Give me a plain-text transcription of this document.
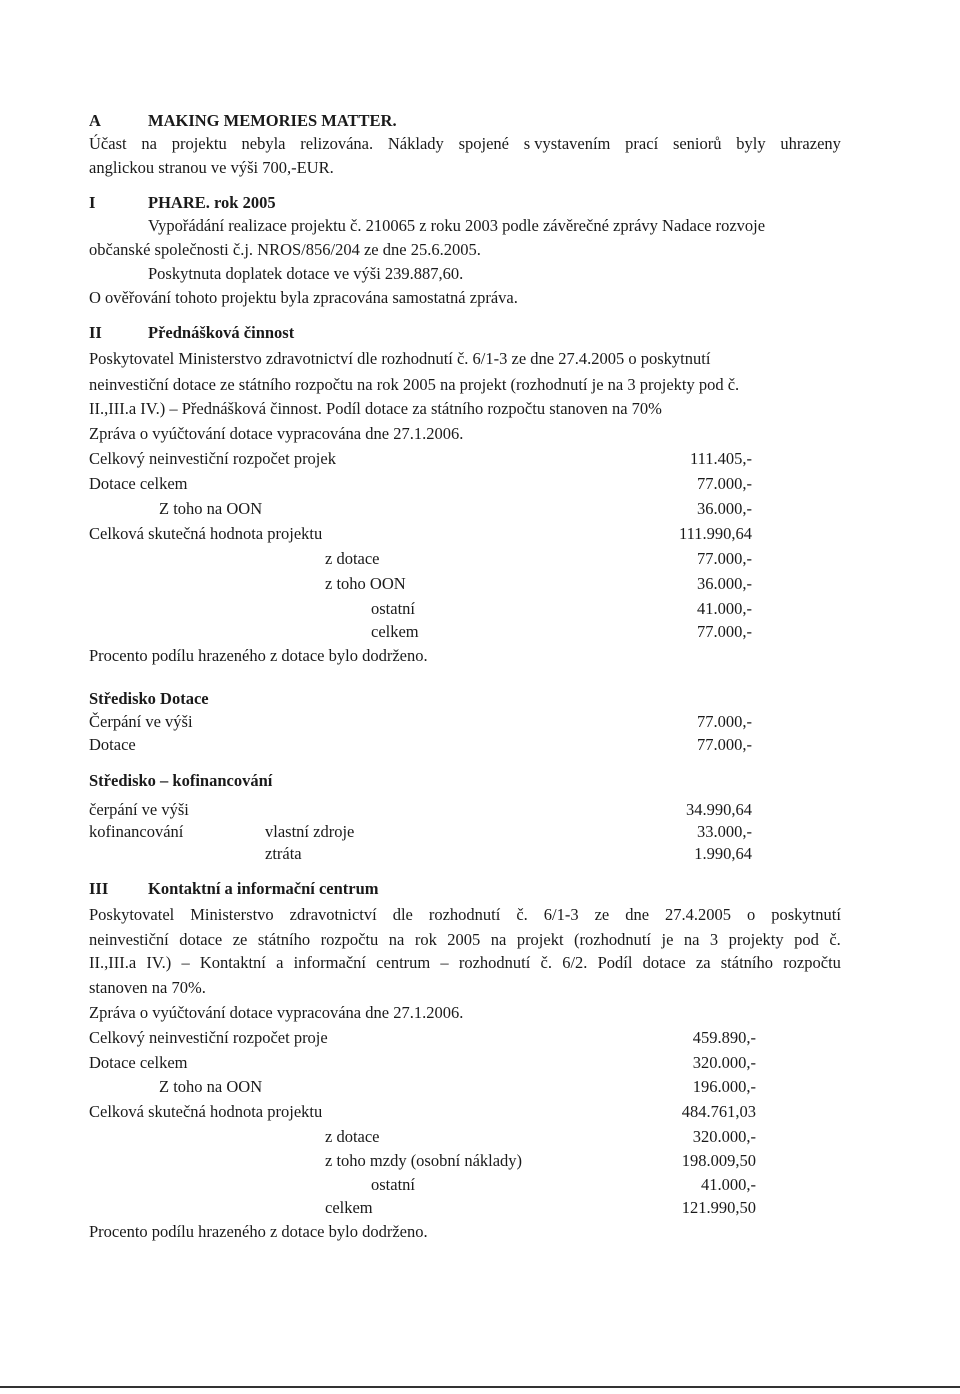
A	MAKING MEMORIES MATTER.
Účast na projektu nebyla relizována. Náklady spojené s vystavením prací seniorů byly uhrazeny
anglickou stranou ve výši 700,-EUR.
I	PHARE. rok 2005
Vypořádání realizace projektu č. 210065 z roku 2003 podle závěrečné zprávy Nadace rozvoje
občanské společnosti č.j. NROS/856/204 ze dne 25.6.2005.
Poskytnuta doplatek dotace ve výši 239.887,60.
O ověřování tohoto projektu byla zpracována samostatná zpráva.
II	Přednášková činnost
Poskytovatel Ministerstvo zdravotnictví dle rozhodnutí č. 6/1-3 ze dne 27.4.2005 o poskytnutí
neinvestiční dotace ze státního rozpočtu na rok 2005 na projekt (rozhodnutí je na 3 projekty pod č.
II.,III.a IV.) – Přednášková činnost. Podíl dotace za státního rozpočtu stanoven na 70%
Zpráva o vyúčtování dotace vypracována dne 27.1.2006.
Celkový neinvestiční rozpočet projek	111.405,-
Dotace celkem	77.000,-
Z toho na OON	36.000,-
Celková skutečná hodnota projektu	111.990,64
z dotace	77.000,-
z toho OON	36.000,-
ostatní	41.000,-
celkem	77.000,-
Procento podílu hrazeného z dotace bylo dodrženo.
Středisko Dotace
Čerpání ve výši	77.000,-
Dotace	77.000,-
Středisko – kofinancování
čerpání ve výši	34.990,64
kofinancování	vlastní zdroje	33.000,-
ztráta	1.990,64
III Kontaktní a informační centrum
Poskytovatel Ministerstvo zdravotnictví dle rozhodnutí č. 6/1-3 ze dne 27.4.2005 o poskytnutí
neinvestiční dotace ze státního rozpočtu na rok 2005 na projekt (rozhodnutí je na 3 projekty pod č.
II.,III.a IV.) – Kontaktní a informační centrum – rozhodnutí č. 6/2. Podíl dotace za státního rozpočtu
stanoven na 70%.
Zpráva o vyúčtování dotace vypracována dne 27.1.2006.
Celkový neinvestiční rozpočet proje	459.890,-
Dotace celkem	320.000,-
Z toho na OON	196.000,-
Celková skutečná hodnota projektu	484.761,03
z dotace	320.000,-
z toho mzdy (osobní náklady)	198.009,50
ostatní	41.000,-
celkem	121.990,50
Procento podílu hrazeného z dotace bylo dodrženo.
